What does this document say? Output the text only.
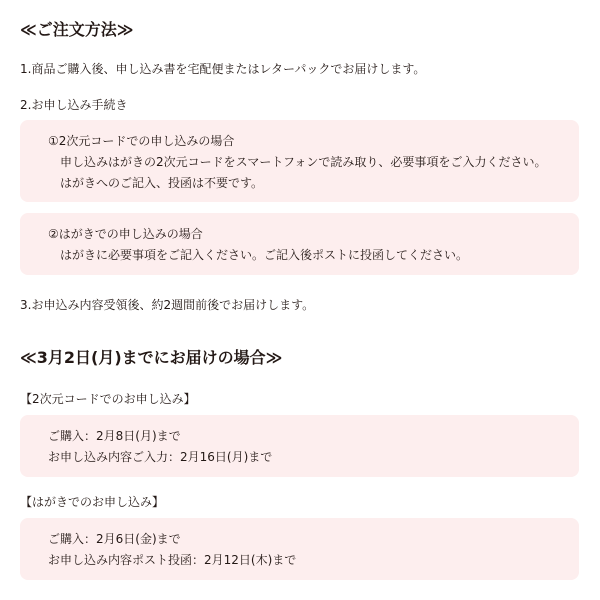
≪ご注文方法≫
1.商品ご購入後、申し込み書を宅配便またはレターパックでお届けします。
2.お申し込み手続き
①2次元コードでの申し込みの場合
申し込みはがきの2次元コードをスマートフォンで読み取り、必要事項をご入力ください。
はがきへのご記入、投函は不要です。
②はがきでの申し込みの場合
はがきに必要事項をご記入ください。ご記入後ポストに投函してください。
3.お申込み内容受領後、約2週間前後でお届けします。
≪3月2日(月)までにお届けの場合≫
【2次元コードでのお申し込み】
ご購入：2月8日(月)まで
お申し込み内容ご入力：2月16日(月)まで
【はがきでのお申し込み】
ご購入：2月6日(金)まで
お申し込み内容ポスト投函：2月12日(木)まで
